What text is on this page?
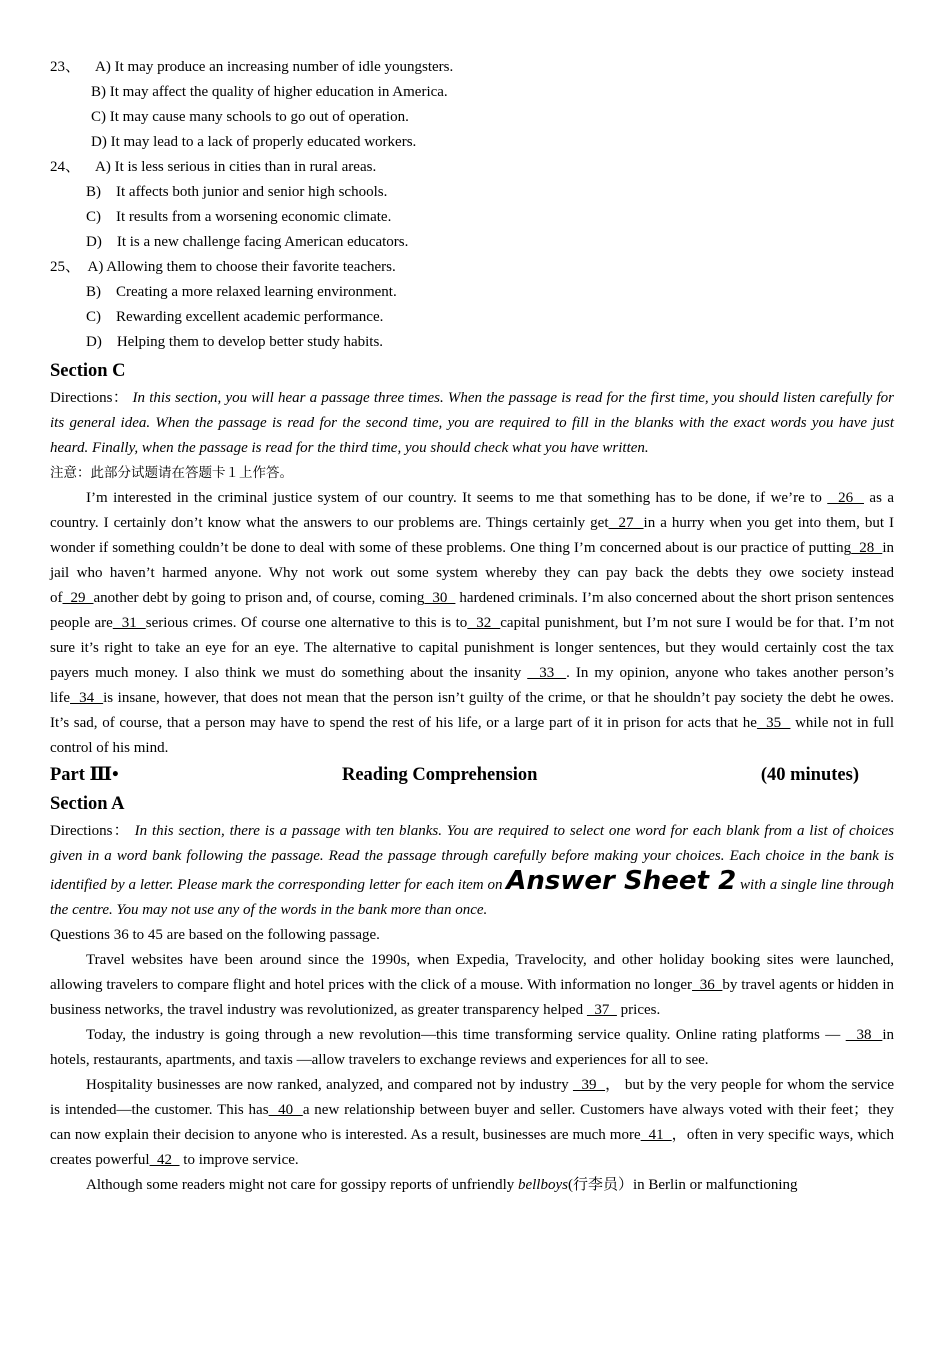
23、 A) It may produce an increasing number of idle youngsters.
B) It may affect the quality of higher education in America.
C) It may cause many schools to go out of operation.
D) It may lead to a lack of properly educated workers.
24、 A) It is less serious in cities than in rural areas.
B)    It affects both junior and senior high schools.
C)    It results from a worsening economic climate.
D)    It is a new challenge facing American educators.
25、 A) Allowing them to choose their favorite teachers.
B)    Creating a more relaxed learning environment.
C)    Rewarding excellent academic performance.
D)    Helping them to develop better study habits.
Section C
Directions： In this section, you will hear a passage three times. When the passage is read for the first time, you should listen carefully for its general idea. When the passage is read for the second time, you are required to fill in the blanks with the exact words you have just heard. Finally, when the passage is read for the third time, you should check what you have written.
注意：此部分试题请在答题卡１上作答。
I’m interested in the criminal justice system of our country. It seems to me that something has to be done, if we’re to   26   as a country. I certainly don’t know what the answers to our problems are. Things certainly get  27  in a hurry when you get into them, but I wonder if something couldn’t be done to deal with some of these problems. One thing I’m concerned about is our practice of putting  28  in jail who haven’t harmed anyone. Why not work out some system whereby they can pay back the debts they owe society instead of  29  another debt by going to prison and, of course, coming  30   hardened criminals. I’m also concerned about the short prison sentences people are  31  serious crimes. Of course one alternative to this is to  32  capital punishment, but I’m not sure I would be for that. I’m not sure it’s right to take an eye for an eye. The alternative to capital punishment is longer sentences, but they would certainly cost the tax payers much money. I also think we must do something about the insanity   33  . In my opinion, anyone who takes another person’s life  34  is insane, however, that does not mean that the person isn’t guilty of the crime, or that he shouldn’t pay society the debt he owes. It’s sad, of course, that a person may have to spend the rest of his life, or a large part of it in prison for acts that he  35   while not in full control of his mind.
Part Ⅲ•	Reading Comprehension	(40 minutes)
Section A
Directions： In this section, there is a passage with ten blanks. You are required to select one word for each blank from a list of choices given in a word bank following the passage. Read the passage through carefully before making your choices. Each choice in the bank is identified by a letter. Please mark the corresponding letter for each item on Answer Sheet 2 with a single line through the centre. You may not use any of the words in the bank more than once.
Questions 36 to 45 are based on the following passage.
Travel websites have been around since the 1990s, when Expedia, Travelocity, and other holiday booking sites were launched, allowing travelers to compare flight and hotel prices with the click of a mouse. With information no longer  36  by travel agents or hidden in business networks, the travel industry was revolutionized, as greater transparency helped   37   prices.
Today, the industry is going through a new revolution—this time transforming service quality. Online rating platforms —   38  in hotels, restaurants, apartments, and taxis —allow travelers to exchange reviews and experiences for all to see.
Hospitality businesses are now ranked, analyzed, and compared not by industry   39  ， but by the very people for whom the service is intended—the customer. This has  40  a new relationship between buyer and seller. Customers have always voted with their feet；they can now explain their decision to anyone who is interested. As a result, businesses are much more  41  ，often in very specific ways, which creates powerful  42   to improve service.
Although some readers might not care for gossipy reports of unfriendly bellboys(行李员）in Berlin or malfunctioning
